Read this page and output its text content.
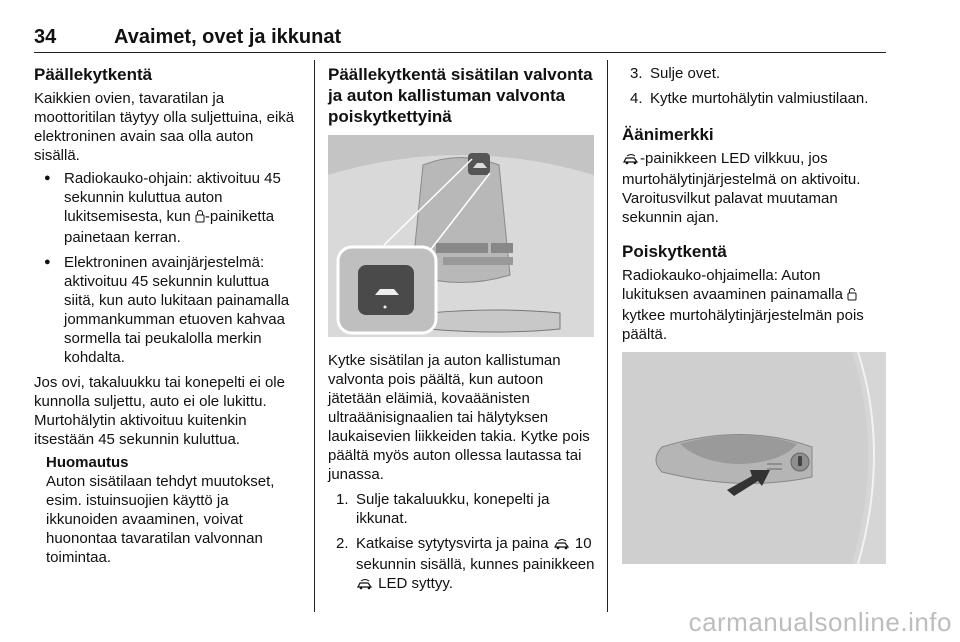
34	Avaimet, ovet ja ikkunat
Päällekytkentä

Kaikkien ovien, tavaratilan ja moottoritilan täytyy olla suljettuina, eikä elektroninen avain saa olla auton sisällä.

● Radiokauko-ohjain: aktivoituu 45 sekunnin kuluttua auton lukitsemisesta, kun -painiketta painetaan kerran.
● Elektroninen avainjärjestelmä: aktivoituu 45 sekunnin kuluttua siitä, kun auto lukitaan painamalla jommankumman etuoven kahvaa sormella tai peukalolla merkin kohdalta.

Jos ovi, takaluukku tai konepelti ei ole kunnolla suljettu, auto ei ole lukittu. Murtohälytin aktivoituu kuitenkin itsestään 45 sekunnin kuluttua.

Huomautus
Auton sisätilaan tehdyt muutokset, esim. istuinsuojien käyttö ja ikkunoiden avaaminen, voivat huonontaa tavaratilan valvonnan toimintaa.
Päällekytkentä sisätilan valvonta ja auton kallistuman valvonta poiskytkettyinä

Kytke sisätilan ja auton kallistuman valvonta pois päältä, kun autoon jätetään eläimiä, kovaäänisten ultraäänisignaalien tai hälytyksen laukaisevien liikkeiden takia. Kytke pois päältä myös auton ollessa lautassa tai junassa.

1. Sulje takaluukku, konepelti ja ikkunat.
2. Katkaise sytytysvirta ja paina  10 sekunnin sisällä, kunnes painikkeen  LED syttyy.
3. Sulje ovet.
4. Kytke murtohälytin valmiustilaan.
Äänimerkki

-painikkeen LED vilkkuu, jos murtohälytinjärjestelmä on aktivoitu. Varoitusvilkut palavat muutaman sekunnin ajan.

Poiskytkentä

Radiokauko-ohjaimella: Auton lukituksen avaaminen painamalla  kytkee murtohälytinjärjestelmän pois päältä.

carmanualsonline.info
